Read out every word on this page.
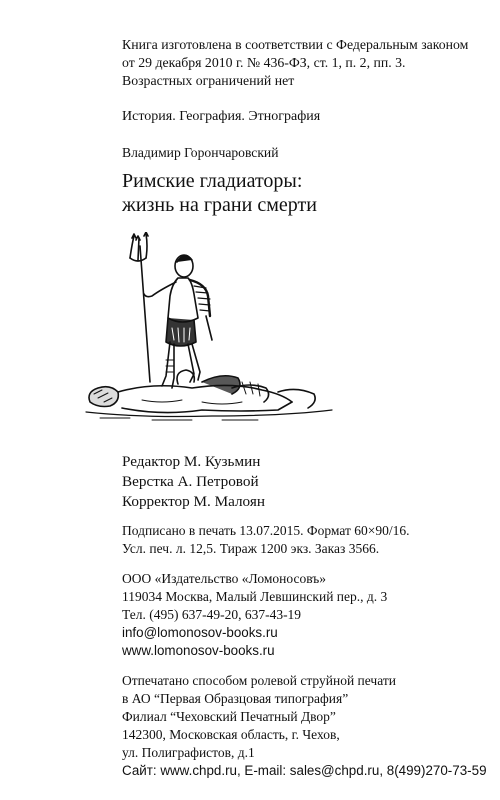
Книга изготовлена в соответствии с Федеральным законом
от 29 декабря 2010 г. № 436-ФЗ, ст. 1, п. 2, пп. 3.
Возрастных ограничений нет
История. География. Этнография
Владимир Горончаровский
Римские гладиаторы:
жизнь на грани смерти
Редактор М. Кузьмин
Верстка А. Петровой
Корректор М. Малоян
Подписано в печать 13.07.2015. Формат 60×90/16.
Усл. печ. л. 12,5. Тираж 1200 экз. Заказ 3566.
ООО «Издательство «Ломоносовъ»
119034 Москва, Малый Левшинский пер., д. 3
Тел. (495) 637-49-20, 637-43-19
info@lomonosov-books.ru
www.lomonosov-books.ru
Отпечатано способом ролевой струйной печати
в АО “Первая Образцовая типография”
Филиал “Чеховский Печатный Двор”
142300, Московская область, г. Чехов,
ул. Полиграфистов, д.1
Сайт: www.chpd.ru, E-mail: sales@chpd.ru, 8(499)270-73-59
